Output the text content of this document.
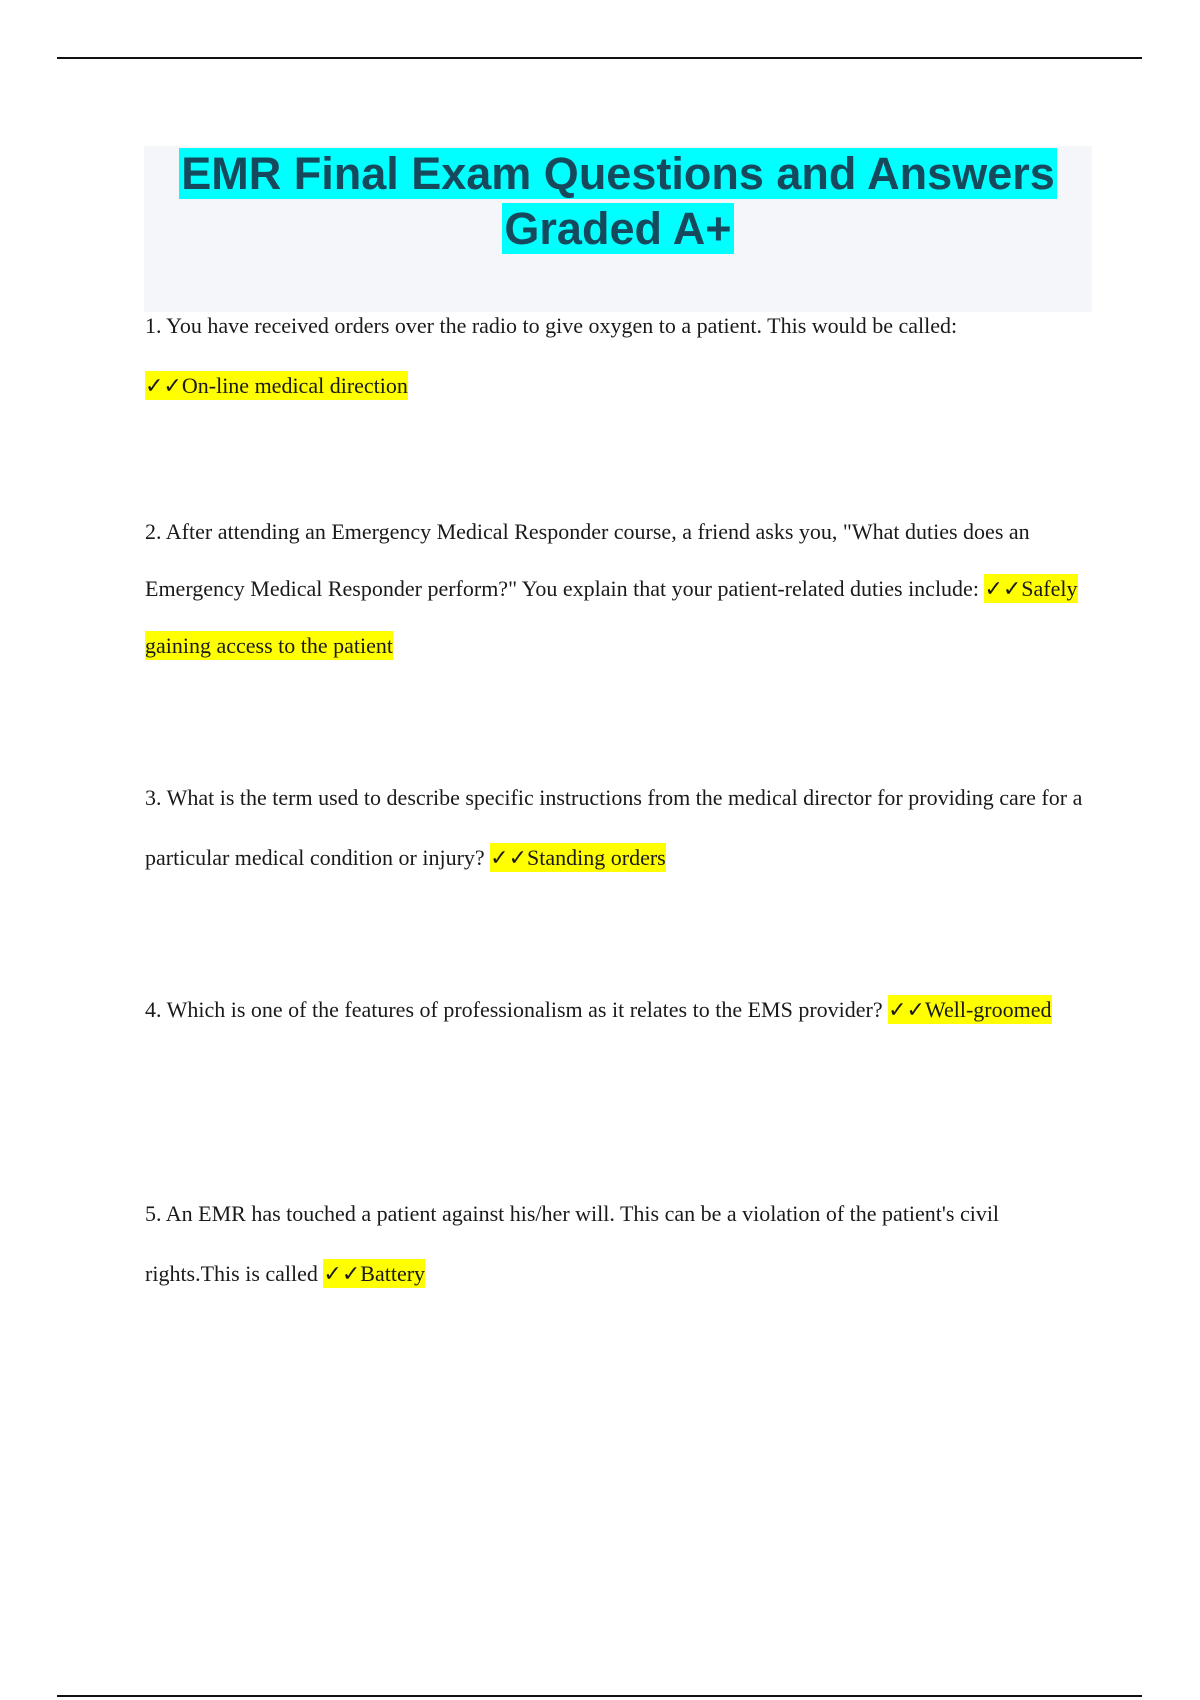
EMR Final Exam Questions and Answers
Graded A+

1. You have received orders over the radio to give oxygen to a patient. This would be called:
✓✓On-line medical direction

2. After attending an Emergency Medical Responder course, a friend asks you, "What duties does an Emergency Medical Responder perform?" You explain that your patient-related duties include: ✓✓Safely gaining access to the patient

3. What is the term used to describe specific instructions from the medical director for providing care for a particular medical condition or injury? ✓✓Standing orders

4. Which is one of the features of professionalism as it relates to the EMS provider? ✓✓Well-groomed

5. An EMR has touched a patient against his/her will. This can be a violation of the patient's civil rights.This is called ✓✓Battery
